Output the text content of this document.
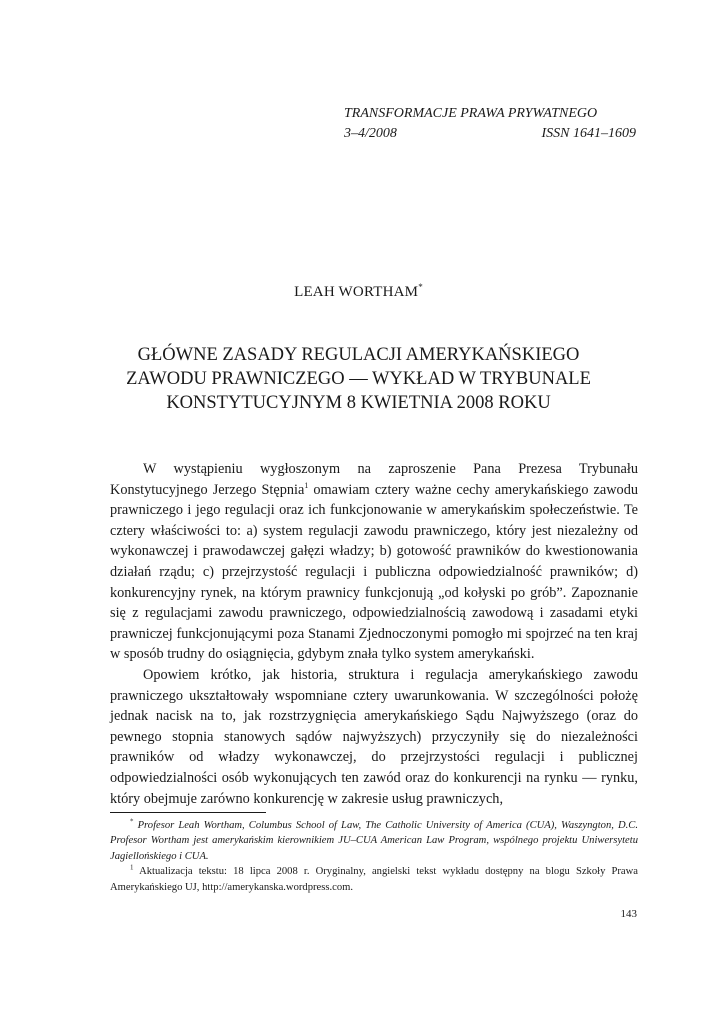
TRANSFORMACJE PRAWA PRYWATNEGO
3–4/2008	ISSN 1641–1609
LEAH WORTHAM*
GŁÓWNE ZASADY REGULACJI AMERYKAŃSKIEGO
ZAWODU PRAWNICZEGO — WYKŁAD W TRYBUNALE
KONSTYTUCYJNYM 8 KWIETNIA 2008 ROKU

W wystąpieniu wygłoszonym na zaproszenie Pana Prezesa Trybunału Konstytucyjnego Jerzego Stępnia$^1$ omawiam cztery ważne cechy amerykańskiego zawodu prawniczego i jego regulacji oraz ich funkcjonowanie w amerykańskim społeczeństwie. Te cztery właściwości to: a) system regulacji zawodu prawniczego, który jest niezależny od wykonawczej i prawodawczej gałęzi władzy; b) gotowość prawników do kwestionowania działań rządu; c) przejrzystość regulacji i publiczna odpowiedzialność prawników; d) konkurencyjny rynek, na którym prawnicy funkcjonują „od kołyski po grób”. Zapoznanie się z regulacjami zawodu prawniczego, odpowiedzialnością zawodową i zasadami etyki prawniczej funkcjonującymi poza Stanami Zjednoczonymi pomogło mi spojrzeć na ten kraj w sposób trudny do osiągnięcia, gdybym znała tylko system amerykański.

Opowiem krótko, jak historia, struktura i regulacja amerykańskiego zawodu prawniczego ukształtowały wspomniane cztery uwarunkowania. W szczególności położę jednak nacisk na to, jak rozstrzygnięcia amerykańskiego Sądu Najwyższego (oraz do pewnego stopnia stanowych sądów najwyższych) przyczyniły się do niezależności prawników od władzy wykonawczej, do przejrzystości regulacji i publicznej odpowiedzialności osób wykonujących ten zawód oraz do konkurencji na rynku — rynku, który obejmuje zarówno konkurencję w zakresie usług prawniczych,

* Profesor Leah Wortham, Columbus School of Law, The Catholic University of America (CUA), Waszyngton, D.C. Profesor Wortham jest amerykańskim kierownikiem JU–CUA American Law Program, wspólnego projektu Uniwersytetu Jagiellońskiego i CUA.

$^1$ Aktualizacja tekstu: 18 lipca 2008 r. Oryginalny, angielski tekst wykładu dostępny na blogu Szkoły Prawa Amerykańskiego UJ, http://amerykanska.wordpress.com.

143
